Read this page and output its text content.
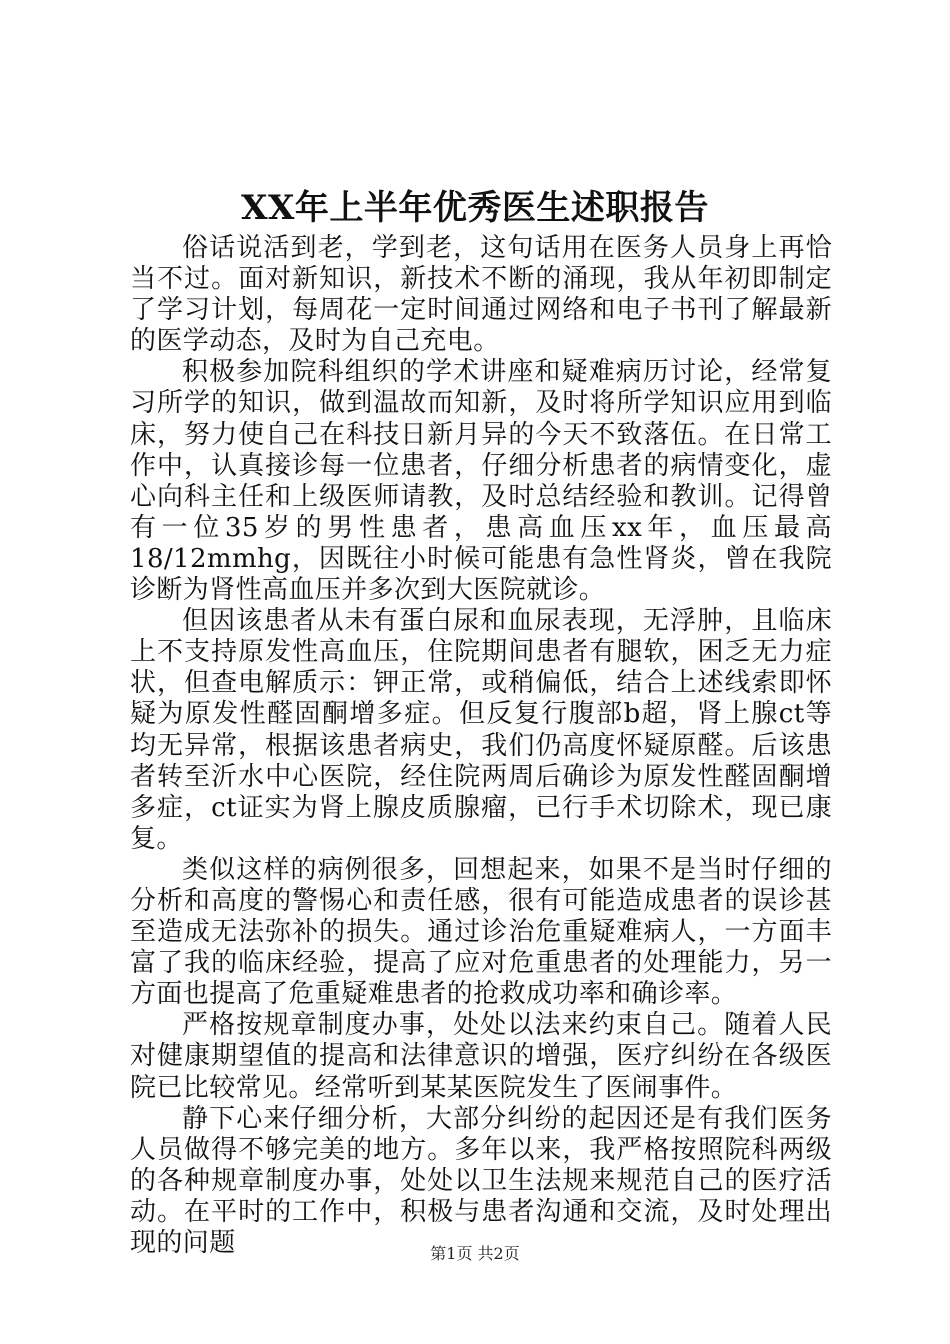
XX年上半年优秀医生述职报告

俗话说活到老，学到老，这句话用在医务人员身上再恰当不过。面对新知识，新技术不断的涌现，我从年初即制定了学习计划，每周花一定时间通过网络和电子书刊了解最新的医学动态，及时为自己充电。

积极参加院科组织的学术讲座和疑难病历讨论，经常复习所学的知识，做到温故而知新，及时将所学知识应用到临床，努力使自己在科技日新月异的今天不致落伍。在日常工作中，认真接诊每一位患者，仔细分析患者的病情变化，虚心向科主任和上级医师请教，及时总结经验和教训。记得曾有一位35岁的男性患者，患高血压xx年，血压最高18/12mmhg，因既往小时候可能患有急性肾炎，曾在我院诊断为肾性高血压并多次到大医院就诊。

但因该患者从未有蛋白尿和血尿表现，无浮肿，且临床上不支持原发性高血压，住院期间患者有腿软，困乏无力症状，但查电解质示：钾正常，或稍偏低，结合上述线索即怀疑为原发性醛固酮增多症。但反复行腹部b超，肾上腺ct等均无异常，根据该患者病史，我们仍高度怀疑原醛。后该患者转至沂水中心医院，经住院两周后确诊为原发性醛固酮增多症，ct证实为肾上腺皮质腺瘤，已行手术切除术，现已康复。

类似这样的病例很多，回想起来，如果不是当时仔细的分析和高度的警惕心和责任感，很有可能造成患者的误诊甚至造成无法弥补的损失。通过诊治危重疑难病人，一方面丰富了我的临床经验，提高了应对危重患者的处理能力，另一方面也提高了危重疑难患者的抢救成功率和确诊率。

严格按规章制度办事，处处以法来约束自己。随着人民对健康期望值的提高和法律意识的增强，医疗纠纷在各级医院已比较常见。经常听到某某医院发生了医闹事件。

静下心来仔细分析，大部分纠纷的起因还是有我们医务人员做得不够完美的地方。多年以来，我严格按照院科两级的各种规章制度办事，处处以卫生法规来规范自己的医疗活动。在平时的工作中，积极与患者沟通和交流，及时处理出现的问题	第1页 共2页
